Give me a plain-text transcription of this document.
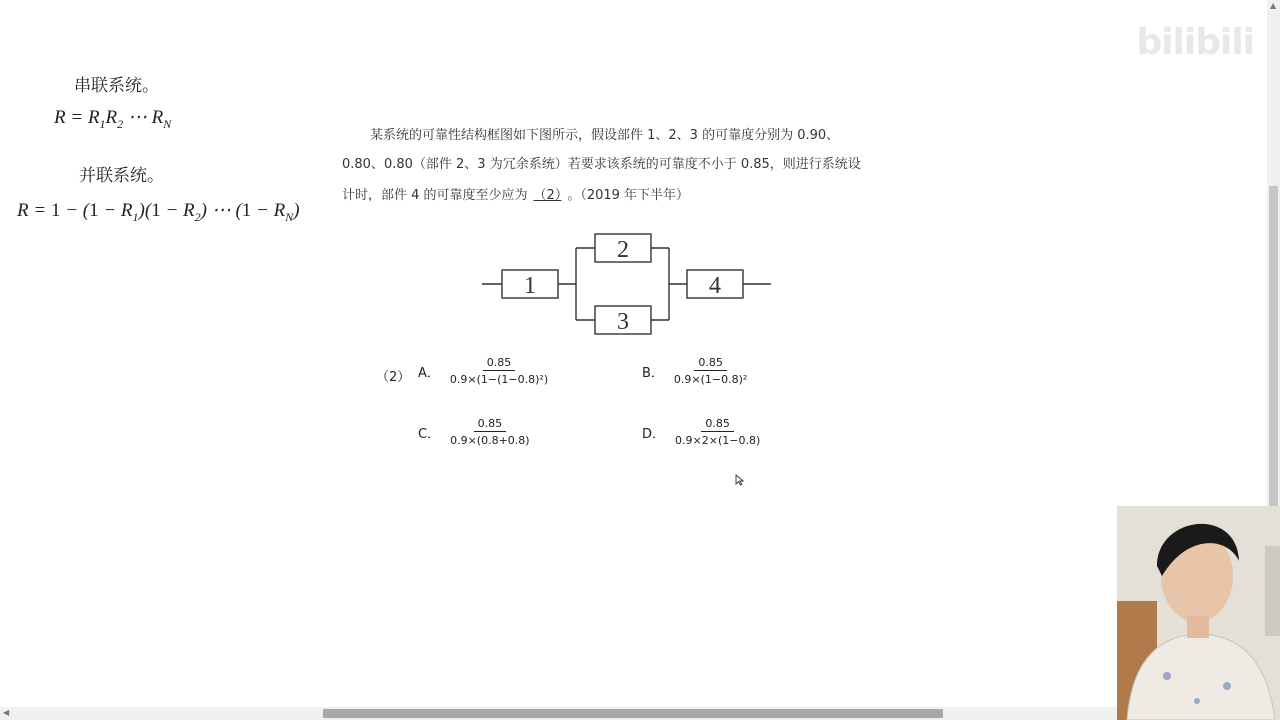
串联系统。
$R = R_1R_2$ ⋯ $R_N$
并联系统。
$R = 1 - (1 - R_1)(1 - R_2)$ ⋯ $(1 - R_N)$
某系统的可靠性结构框图如下图所示，假设部件 1、2、3 的可靠度分别为 0.90、
0.80、0.80（部件 2、3 为冗余系统）若要求该系统的可靠度不小于 0.85，则进行系统设
计时，部件 4 的可靠度至少应为 （2） 。（2019 年下半年）
1
2
3
4
（2） A． $\frac{0.85}{\text{0.9×(1−(1−0.8)²)}}$	B． $\frac{0.85}{\text{0.9×(1−0.8)²}}$
C． $\frac{0.85}{0.9\times(0.8+0.8)}$	D． $\frac{0.85}{0.9\times 2\times(1-0.8)}$
bilibili
▲
◀
